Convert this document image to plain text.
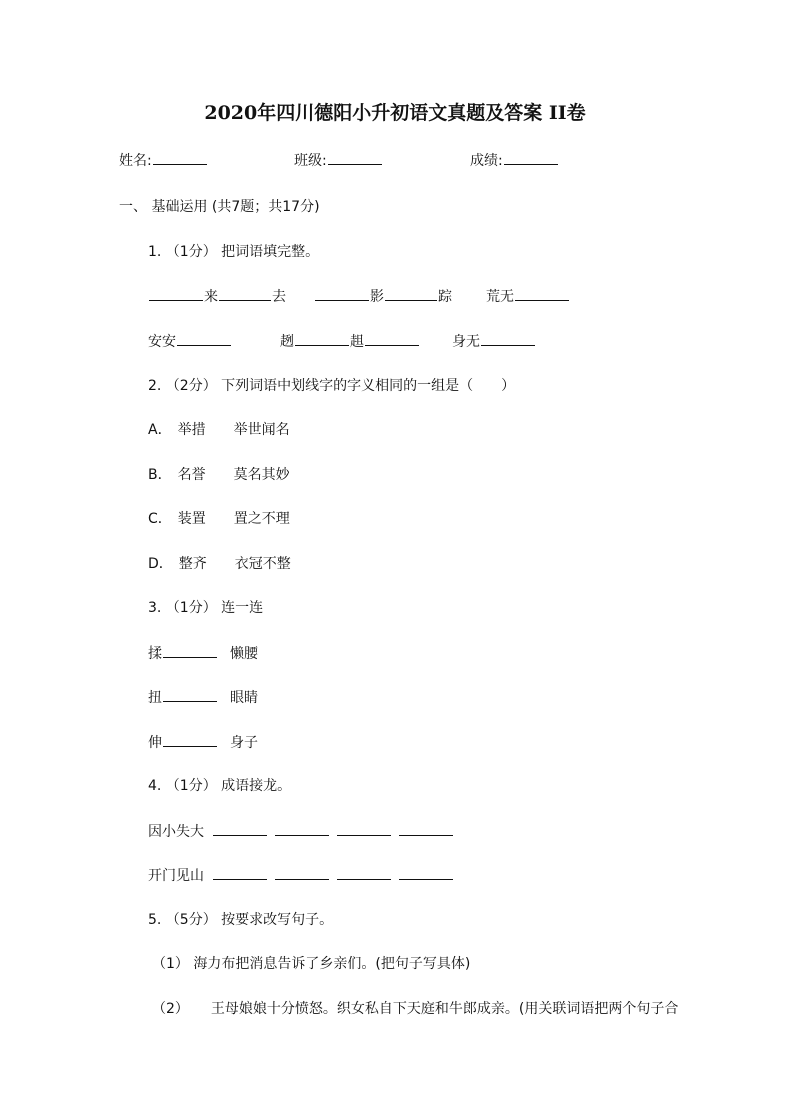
2020年四川德阳小升初语文真题及答案 II卷
姓名:	班级:	成绩:
一、 基础运用 (共7题；共17分)
1. （1分） 把词语填完整。
来	去	影	踪 荒无
安安	趔	趄	身无
2. （2分） 下列词语中划线字的字义相同的一组是（　　）
A． 举措 举世闻名
B． 名誉 莫名其妙
C． 装置 置之不理
D． 整齐 衣冠不整
3. （1分） 连一连
揉	懒腰
扭	眼睛
伸	身子
4. （1分） 成语接龙。
因小失大
开门见山
5. （5分） 按要求改写句子。
（1） 海力布把消息告诉了乡亲们。(把句子写具体)
（2） 王母娘娘十分愤怒。织女私自下天庭和牛郎成亲。(用关联词语把两个句子合
